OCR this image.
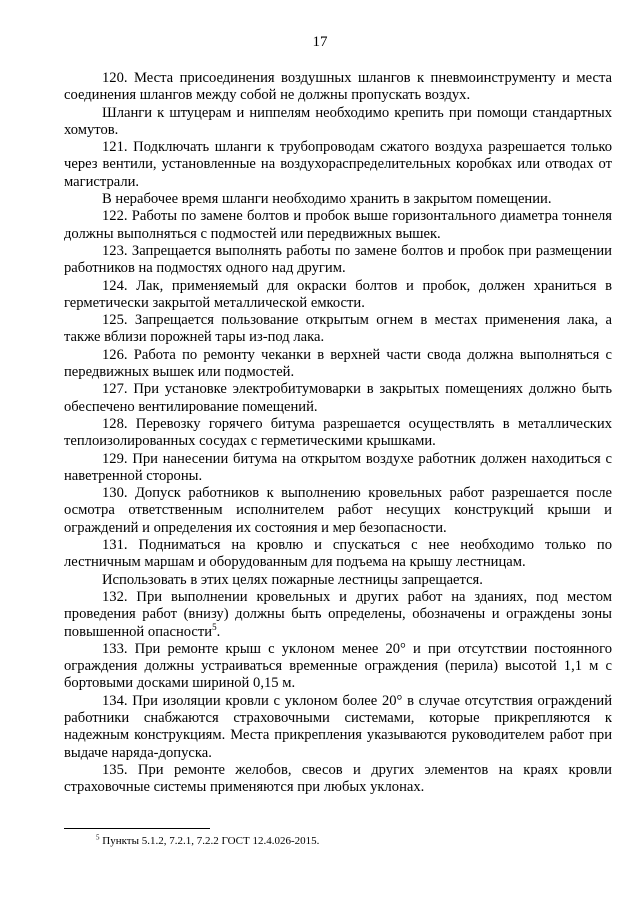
17

120. Места присоединения воздушных шлангов к пневмоинструменту и места соединения шлангов между собой не должны пропускать воздух.

Шланги к штуцерам и ниппелям необходимо крепить при помощи стандартных хомутов.

121. Подключать шланги к трубопроводам сжатого воздуха разрешается только через вентили, установленные на воздухораспределительных коробках или отводах от магистрали.

В нерабочее время шланги необходимо хранить в закрытом помещении.

122. Работы по замене болтов и пробок выше горизонтального диаметра тоннеля должны выполняться с подмостей или передвижных вышек.

123. Запрещается выполнять работы по замене болтов и пробок при размещении работников на подмостях одного над другим.

124. Лак, применяемый для окраски болтов и пробок, должен храниться в герметически закрытой металлической емкости.

125. Запрещается пользование открытым огнем в местах применения лака, а также вблизи порожней тары из-под лака.

126. Работа по ремонту чеканки в верхней части свода должна выполняться с передвижных вышек или подмостей.

127. При установке электробитумоварки в закрытых помещениях должно быть обеспечено вентилирование помещений.

128. Перевозку горячего битума разрешается осуществлять в металлических теплоизолированных сосудах с герметическими крышками.

129. При нанесении битума на открытом воздухе работник должен находиться с наветренной стороны.

130. Допуск работников к выполнению кровельных работ разрешается после осмотра ответственным исполнителем работ несущих конструкций крыши и ограждений и определения их состояния и мер безопасности.

131. Подниматься на кровлю и спускаться с нее необходимо только по лестничным маршам и оборудованным для подъема на крышу лестницам.

Использовать в этих целях пожарные лестницы запрещается.

132. При выполнении кровельных и других работ на зданиях, под местом проведения работ (внизу) должны быть определены, обозначены и ограждены зоны повышенной опасности$^5$.

133. При ремонте крыш с уклоном менее 20° и при отсутствии постоянного ограждения должны устраиваться временные ограждения (перила) высотой 1,1 м с бортовыми досками шириной 0,15 м.

134. При изоляции кровли с уклоном более 20° в случае отсутствия ограждений работники снабжаются страховочными системами, которые прикрепляются к надежным конструкциям. Места прикрепления указываются руководителем работ при выдаче наряда-допуска.

135. При ремонте желобов, свесов и других элементов на краях кровли страховочные системы применяются при любых уклонах.

$^5$ Пункты 5.1.2, 7.2.1, 7.2.2 ГОСТ 12.4.026-2015.
